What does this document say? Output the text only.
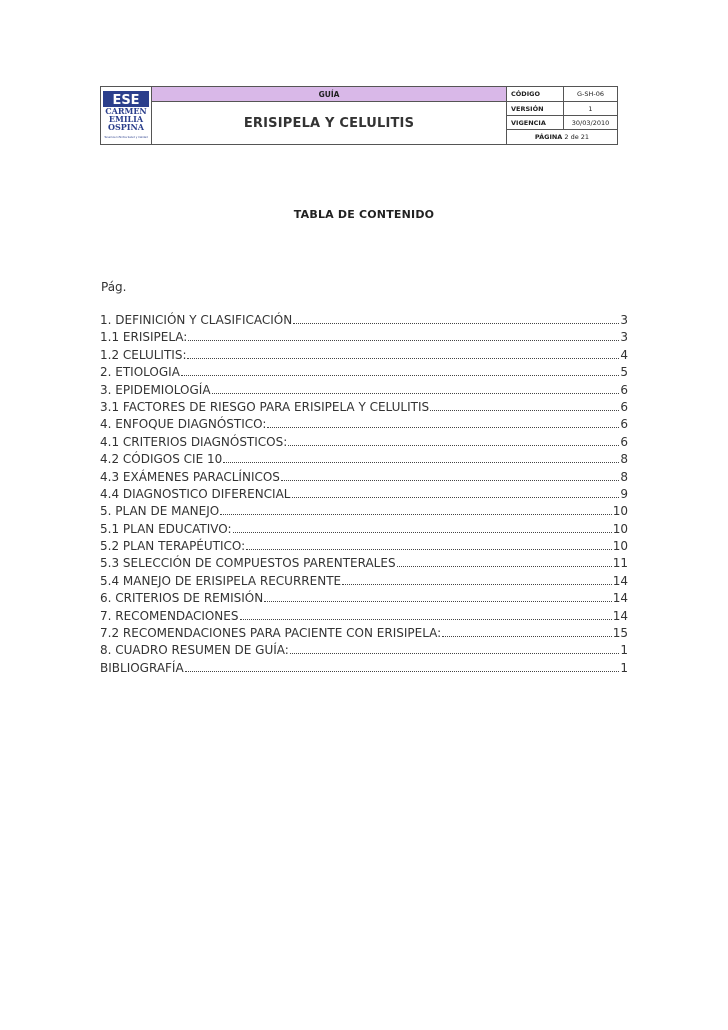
ESE
CARMEN
EMILIA
OSPINA
Tenemos Infinitos Salud y Calidad	GUÍA	CÓDIGO	G-SH-06
	ERISIPELA Y CELULITIS	VERSIÓN	1
		VIGENCIA	30/03/2010
		PÁGINA 2 de 21	
TABLA DE CONTENIDO
Pág.
1. DEFINICIÓN Y CLASIFICACIÓN	3
1.1 ERISIPELA:	3
1.2 CELULITIS:	4
2. ETIOLOGIA	5
3. EPIDEMIOLOGÍA	6
3.1 FACTORES DE RIESGO PARA ERISIPELA Y CELULITIS	6
4. ENFOQUE DIAGNÓSTICO:	6
4.1 CRITERIOS DIAGNÓSTICOS:	6
4.2 CÓDIGOS CIE 10	8
4.3 EXÁMENES PARACLÍNICOS	8
4.4 DIAGNOSTICO DIFERENCIAL	9
5. PLAN DE MANEJO	10
5.1 PLAN EDUCATIVO:	10
5.2 PLAN TERAPÉUTICO:	10
5.3 SELECCIÓN DE COMPUESTOS PARENTERALES	11
5.4 MANEJO DE ERISIPELA RECURRENTE	14
6. CRITERIOS DE REMISIÓN	14
7. RECOMENDACIONES	14
7.2 RECOMENDACIONES PARA PACIENTE CON ERISIPELA:	15
8. CUADRO RESUMEN DE GUÍA:	1
BIBLIOGRAFÍA	1
